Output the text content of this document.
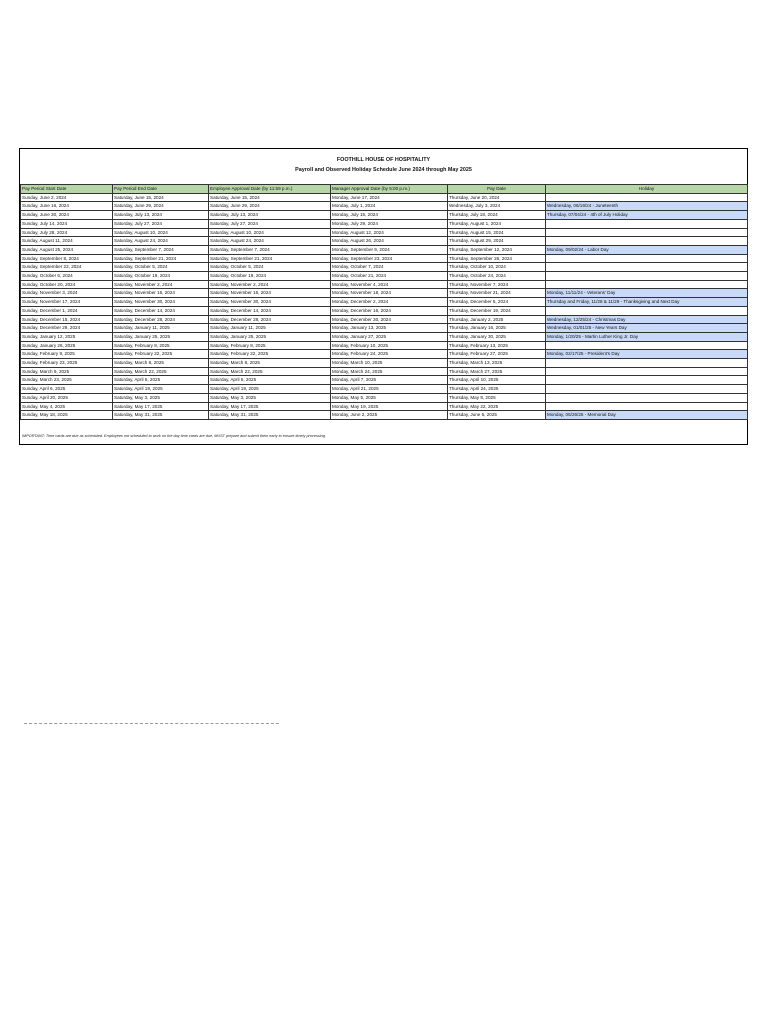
FOOTHILL HOUSE OF HOSPITALITY
Payroll and Observed Holiday Schedule June 2024 through May 2025
Pay Period Start Date	Pay Period End Date	Employee Approval Date (by 11:59 p.m.)	Manager Approval Date (by 5:00 p.m.)	Pay Date	Holiday
Sunday, June 2, 2024	Saturday, June 15, 2024	Saturday, June 15, 2024	Monday, June 17, 2024	Thursday, June 20, 2024	
Sunday, June 16, 2024	Saturday, June 29, 2024	Saturday, June 29, 2024	Monday, July 1, 2024	Wednesday, July 3, 2024	Wednesday, 06/19/24 - Juneteenth
Sunday, June 30, 2024	Saturday, July 13, 2024	Saturday, July 13, 2024	Monday, July 15, 2024	Thursday, July 18, 2024	Thursday, 07/04/24 - 4th of July Holiday
Sunday, July 14, 2024	Saturday, July 27, 2024	Saturday, July 27, 2024	Monday, July 29, 2024	Thursday, August 1, 2024	
Sunday, July 28, 2024	Saturday, August 10, 2024	Saturday, August 10, 2024	Monday, August 12, 2024	Thursday, August 15, 2024	
Sunday, August 11, 2024	Saturday, August 24, 2024	Saturday, August 24, 2024	Monday, August 26, 2024	Thursday, August 29, 2024	
Sunday, August 25, 2024	Saturday, September 7, 2024	Saturday, September 7, 2024	Monday, September 9, 2024	Thursday, September 12, 2024	Monday, 09/02/24 - Labor Day
Sunday, September 8, 2024	Saturday, September 21, 2024	Saturday, September 21, 2024	Monday, September 23, 2024	Thursday, September 26, 2024	
Sunday, September 22, 2024	Saturday, October 5, 2024	Saturday, October 5, 2024	Monday, October 7, 2024	Thursday, October 10, 2024	
Sunday, October 6, 2024	Saturday, October 19, 2024	Saturday, October 19, 2024	Monday, October 21, 2024	Thursday, October 24, 2024	
Sunday, October 20, 2024	Saturday, November 2, 2024	Saturday, November 2, 2024	Monday, November 4, 2024	Thursday, November 7, 2024	
Sunday, November 3, 2024	Saturday, November 16, 2024	Saturday, November 16, 2024	Monday, November 18, 2024	Thursday, November 21, 2024	Monday, 11/11/24 - Veterans' Day
Sunday, November 17, 2024	Saturday, November 30, 2024	Saturday, November 30, 2024	Monday, December 2, 2024	Thursday, December 5, 2024	Thursday and Friday, 11/28 & 11/29 - Thanksgiving and Next Day
Sunday, December 1, 2024	Saturday, December 14, 2024	Saturday, December 14, 2024	Monday, December 16, 2024	Thursday, December 19, 2024	
Sunday, December 15, 2024	Saturday, December 28, 2024	Saturday, December 28, 2024	Monday, December 30, 2024	Thursday, January 2, 2025	Wednesday, 12/25/24 - Christmas Day
Sunday, December 29, 2024	Saturday, January 11, 2025	Saturday, January 11, 2025	Monday, January 13, 2025	Thursday, January 16, 2025	Wednesday, 01/01/25 - New Years Day
Sunday, January 12, 2025	Saturday, January 25, 2025	Saturday, January 25, 2025	Monday, January 27, 2025	Thursday, January 30, 2025	Monday, 1/20/25 - Martin Luther King Jr. Day
Sunday, January 26, 2025	Saturday, February 8, 2025	Saturday, February 8, 2025	Monday, February 10, 2025	Thursday, February 13, 2025	
Sunday, February 9, 2025	Saturday, February 22, 2025	Saturday, February 22, 2025	Monday, February 24, 2025	Thursday, February 27, 2025	Monday, 02/17/25 - President's Day
Sunday, February 23, 2025	Saturday, March 8, 2025	Saturday, March 8, 2025	Monday, March 10, 2025	Thursday, March 13, 2025	
Sunday, March 9, 2025	Saturday, March 22, 2025	Saturday, March 22, 2025	Monday, March 24, 2025	Thursday, March 27, 2025	
Sunday, March 23, 2025	Saturday, April 5, 2025	Saturday, April 5, 2025	Monday, April 7, 2025	Thursday, April 10, 2025	
Sunday, April 6, 2025	Saturday, April 19, 2025	Saturday, April 19, 2025	Monday, April 21, 2025	Thursday, April 24, 2025	
Sunday, April 20, 2025	Saturday, May 3, 2025	Saturday, May 3, 2025	Monday, May 5, 2025	Thursday, May 8, 2025	
Sunday, May 4, 2025	Saturday, May 17, 2025	Saturday, May 17, 2025	Monday, May 19, 2025	Thursday, May 22, 2025	
Sunday, May 18, 2025	Saturday, May 31, 2025	Saturday, May 31, 2025	Monday, June 2, 2025	Thursday, June 5, 2025	Monday, 05/26/25 - Memorial Day
IMPORTANT: Time cards are due as scheduled. Employees not scheduled to work on the day time cards are due, MUST prepare and submit them early to ensure timely processing.
